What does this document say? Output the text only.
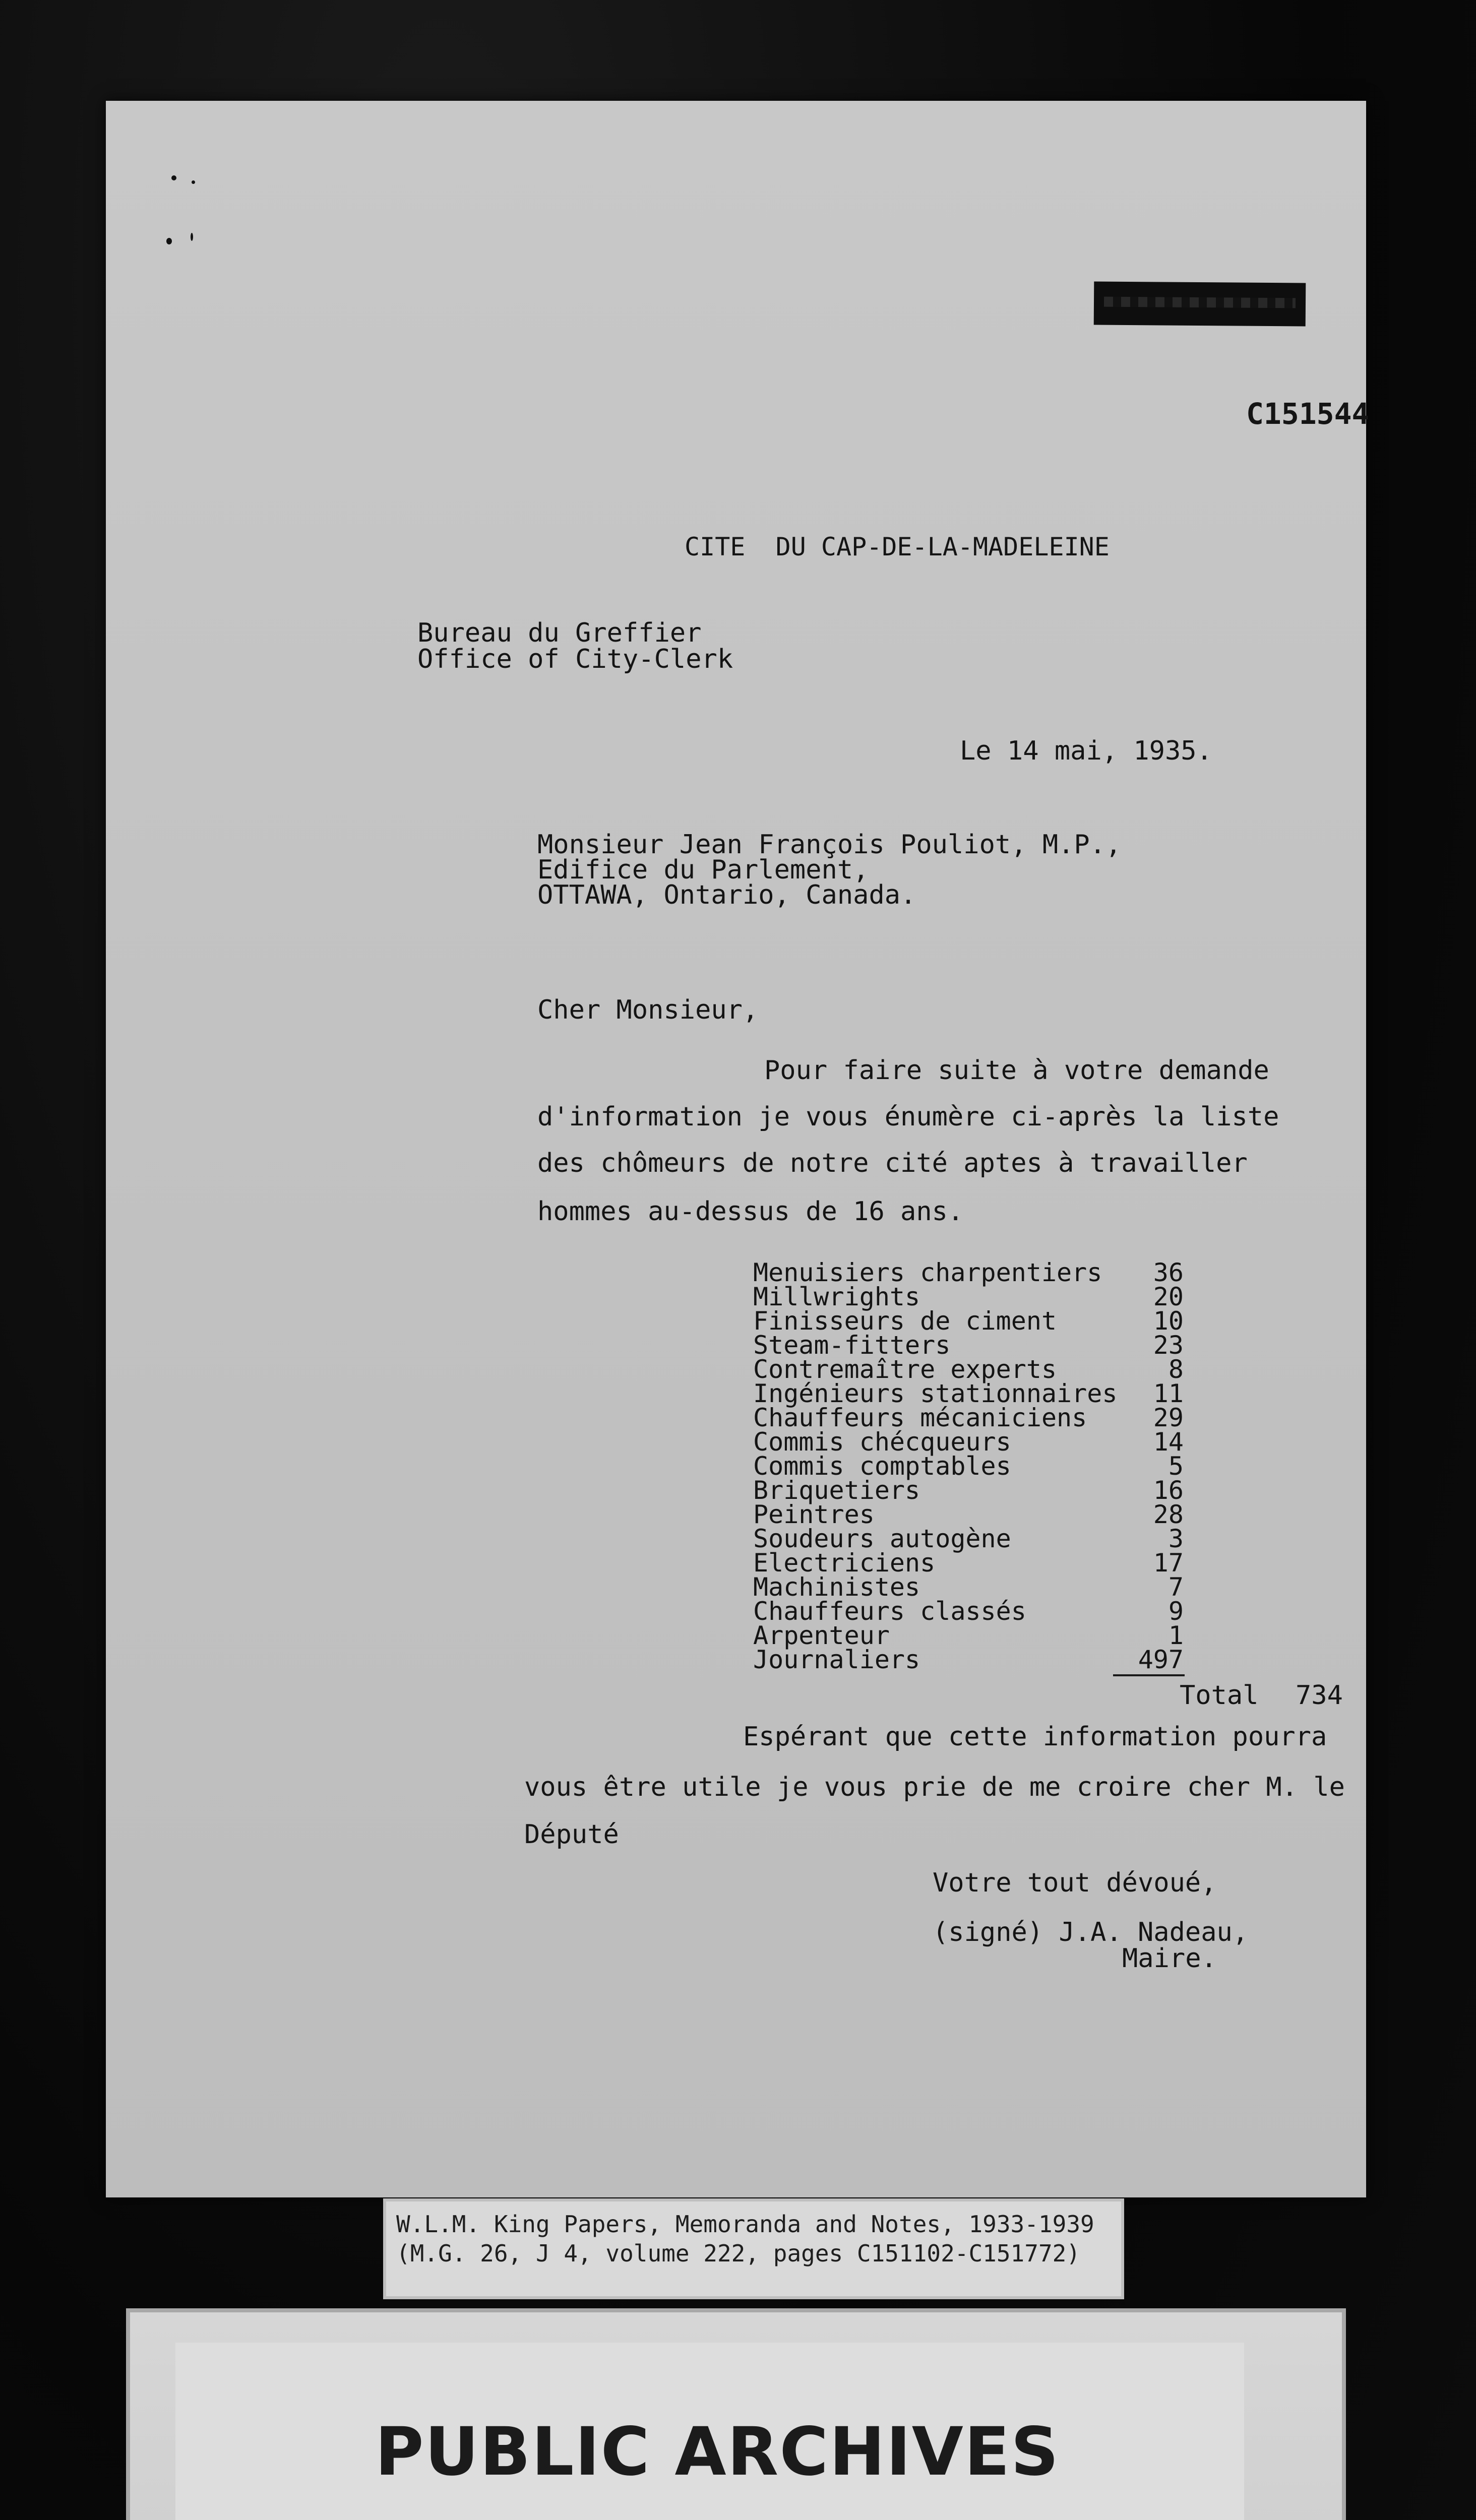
C151544
CITE  DU CAP-DE-LA-MADELEINE
Bureau du Greffier
Office of City-Clerk
Le 14 mai, 1935.
Monsieur Jean François Pouliot, M.P.,
Edifice du Parlement,
OTTAWA, Ontario, Canada.
Cher Monsieur,
Pour faire suite à votre demande
d'information je vous énumère ci-après la liste
des chômeurs de notre cité aptes à travailler
hommes au-dessus de 16 ans.
Menuisiers charpentiers	36
Millwrights	20
Finisseurs de ciment	10
Steam-fitters	23
Contremaître experts	8
Ingénieurs stationnaires	11
Chauffeurs mécaniciens	29
Commis chécqueurs	14
Commis comptables	5
Briquetiers	16
Peintres	28
Soudeurs autogène	3
Electriciens	17
Machinistes	7
Chauffeurs classés	9
Arpenteur	1
Journaliers	497
Total 734
Espérant que cette information pourra
vous être utile je vous prie de me croire cher M. le
Député
Votre tout dévoué,
(signé) J.A. Nadeau,
Maire.
W.L.M. King Papers, Memoranda and Notes, 1933-1939
(M.G. 26, J 4, volume 222, pages C151102-C151772)
PUBLIC ARCHIVES
